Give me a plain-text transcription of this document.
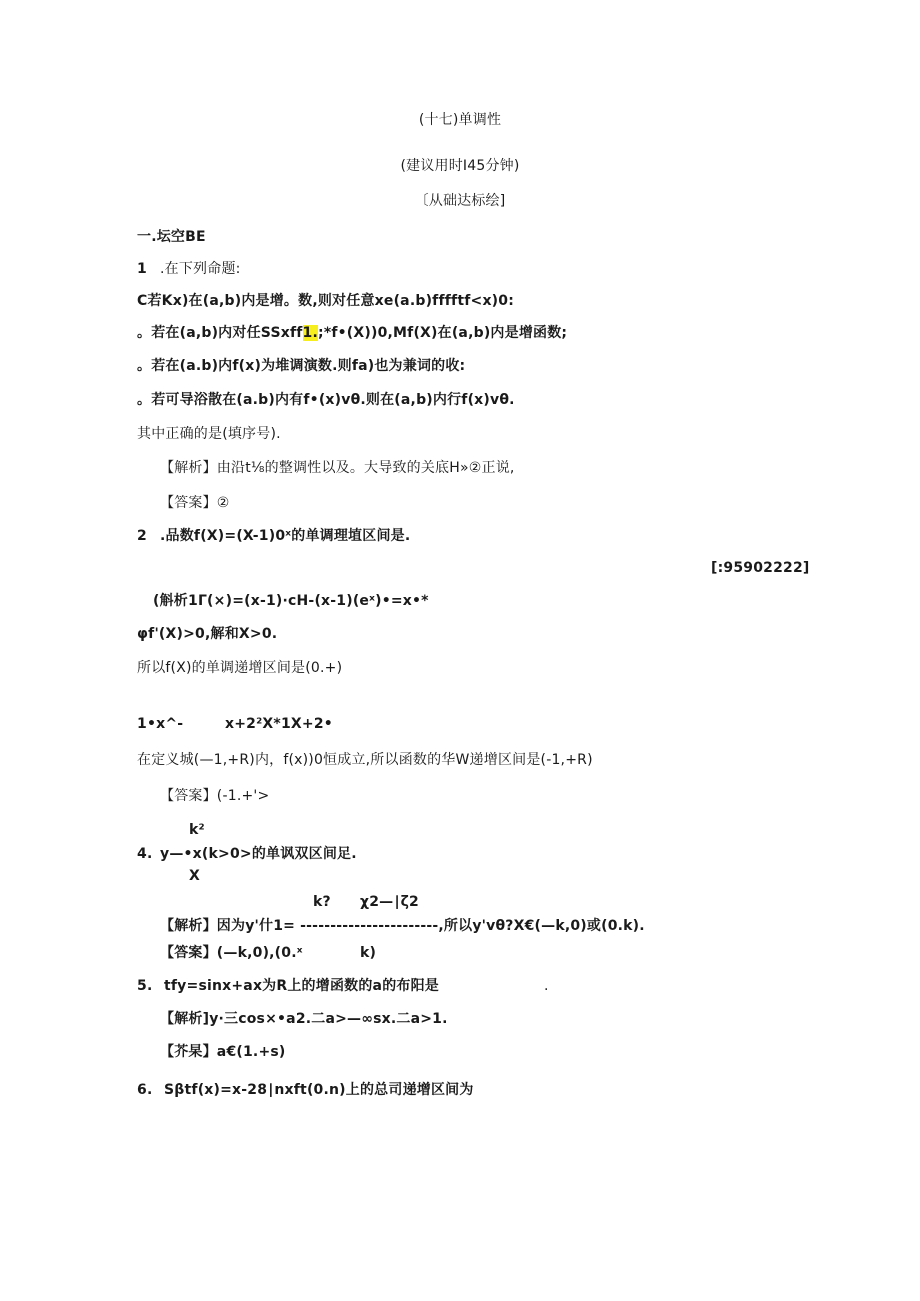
(十七)单调性
(建议用时I45分钟)
〔从础达标绘]
一.坛空BE
1 .在下列命题:
C若Kx)在(a,b)内是增。数,则对任意xe(a.b)fffftf<x)0:
。若在(a,b)内对任SSxff1.;*f•(X))0,Mf(X)在(a,b)内是增函数;
。若在(a.b)内f(x)为堆调演数.则fa)也为兼词的收:
。若可导浴散在(a.b)内有f•(x)vθ.则在(a,b)内行f(x)vθ.
其中正确的是(填序号).
【解析】由沿t⅛的整调性以及。大导致的关底H»②正说,
【答案】②
2 .品数f(X)=(X-1)0ˣ的单调理埴区间是.
[:95902222]
(斛析1Γ(×)=(x-1)·cH-(x-1)(eˣ)•=x•*
φf'(X)>0,解和X>0.
所以f(X)的单调递增区间是(0.+)
1•x^-	x+2²X*1X+2•
在定义城(—1,+R)内，f(x))0恒成立,所以函数的华W递增区间是(-1,+R)
【答案】(-1.+'>
k²
4. y—•x(k>0>的单讽双区间足.
X
k? χ2—∣ζ2
【解析】因为y'什1= -----------------------,所以y'vθ?X€(—k,0)或(0.k).
【答案】(—k,0),(0.ˣ	k)
5. tfy=sinx+ax为R上的增函数的a的布阳是	.
【解析]y·三cos×•a2.二a>—∞sx.二a>1.
【芥杲】a€(1.+s)
6. Sβtf(x)=x-28∣nxft(0.n)上的总司递增区间为
